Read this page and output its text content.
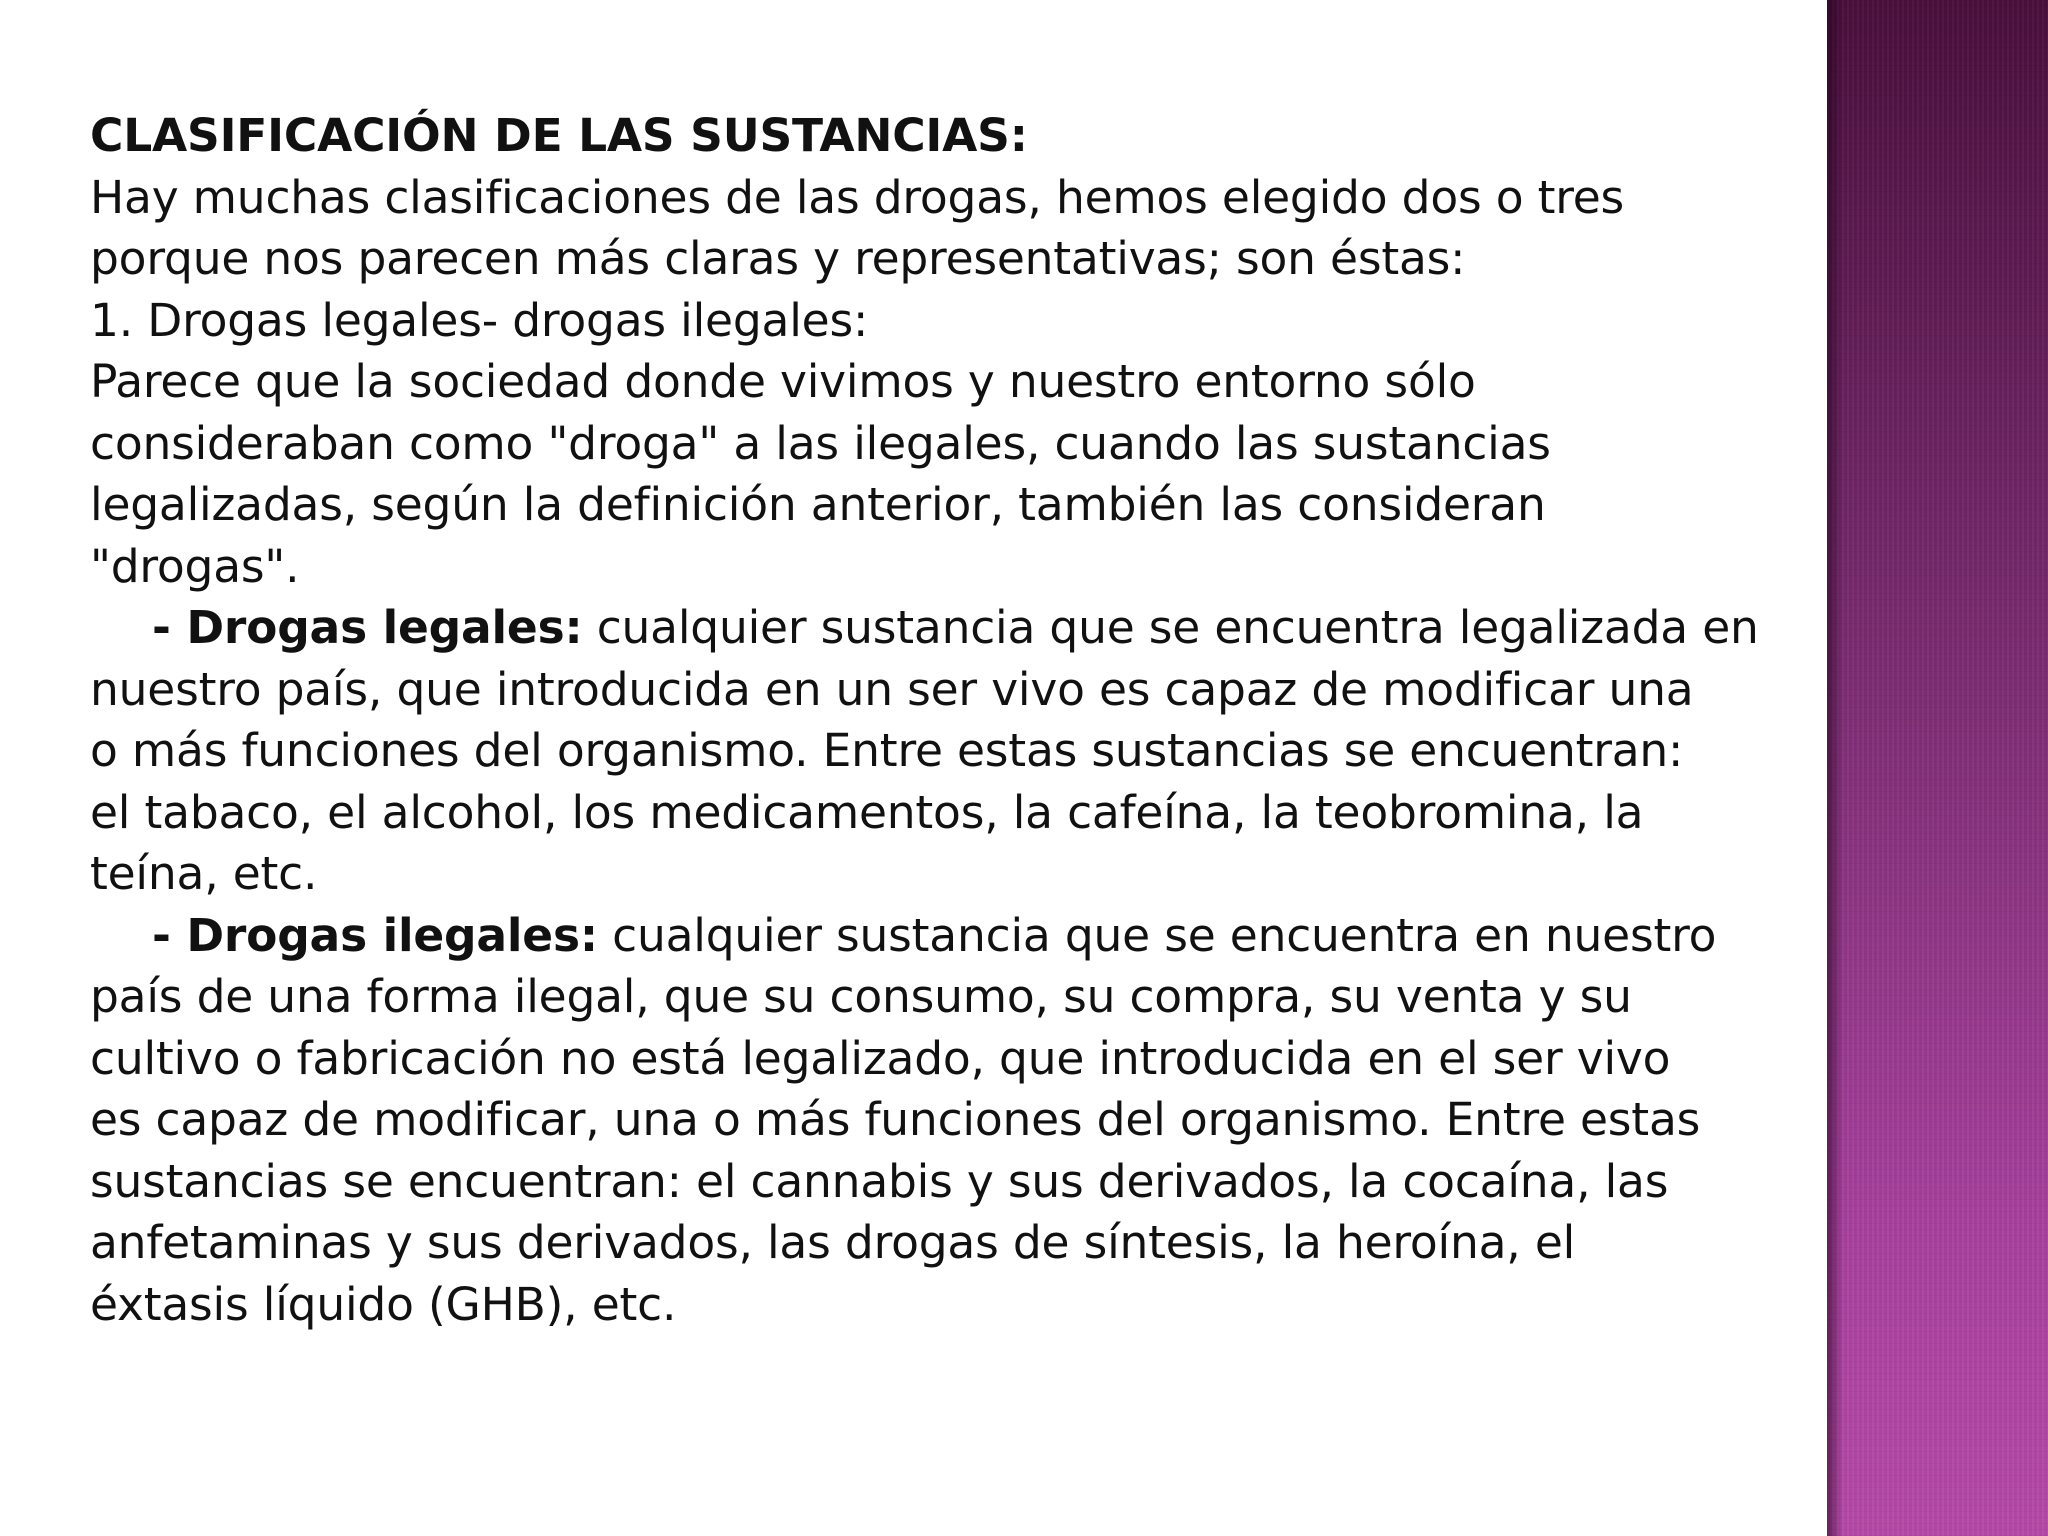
CLASIFICACIÓN DE LAS SUSTANCIAS:
Hay muchas clasificaciones de las drogas, hemos elegido dos o tres
porque nos parecen más claras y representativas; son éstas:
1. Drogas legales- drogas ilegales:
Parece que la sociedad donde vivimos y nuestro entorno sólo
consideraban como "droga" a las ilegales, cuando las sustancias
legalizadas, según la definición anterior, también las consideran
"drogas".
- Drogas legales: cualquier sustancia que se encuentra legalizada en
nuestro país, que introducida en un ser vivo es capaz de modificar una
o más funciones del organismo. Entre estas sustancias se encuentran:
el tabaco, el alcohol, los medicamentos, la cafeína, la teobromina, la
teína, etc.
- Drogas ilegales: cualquier sustancia que se encuentra en nuestro
país de una forma ilegal, que su consumo, su compra, su venta y su
cultivo o fabricación no está legalizado, que introducida en el ser vivo
es capaz de modificar, una o más funciones del organismo. Entre estas
sustancias se encuentran: el cannabis y sus derivados, la cocaína, las
anfetaminas y sus derivados, las drogas de síntesis, la heroína, el
éxtasis líquido (GHB), etc.
